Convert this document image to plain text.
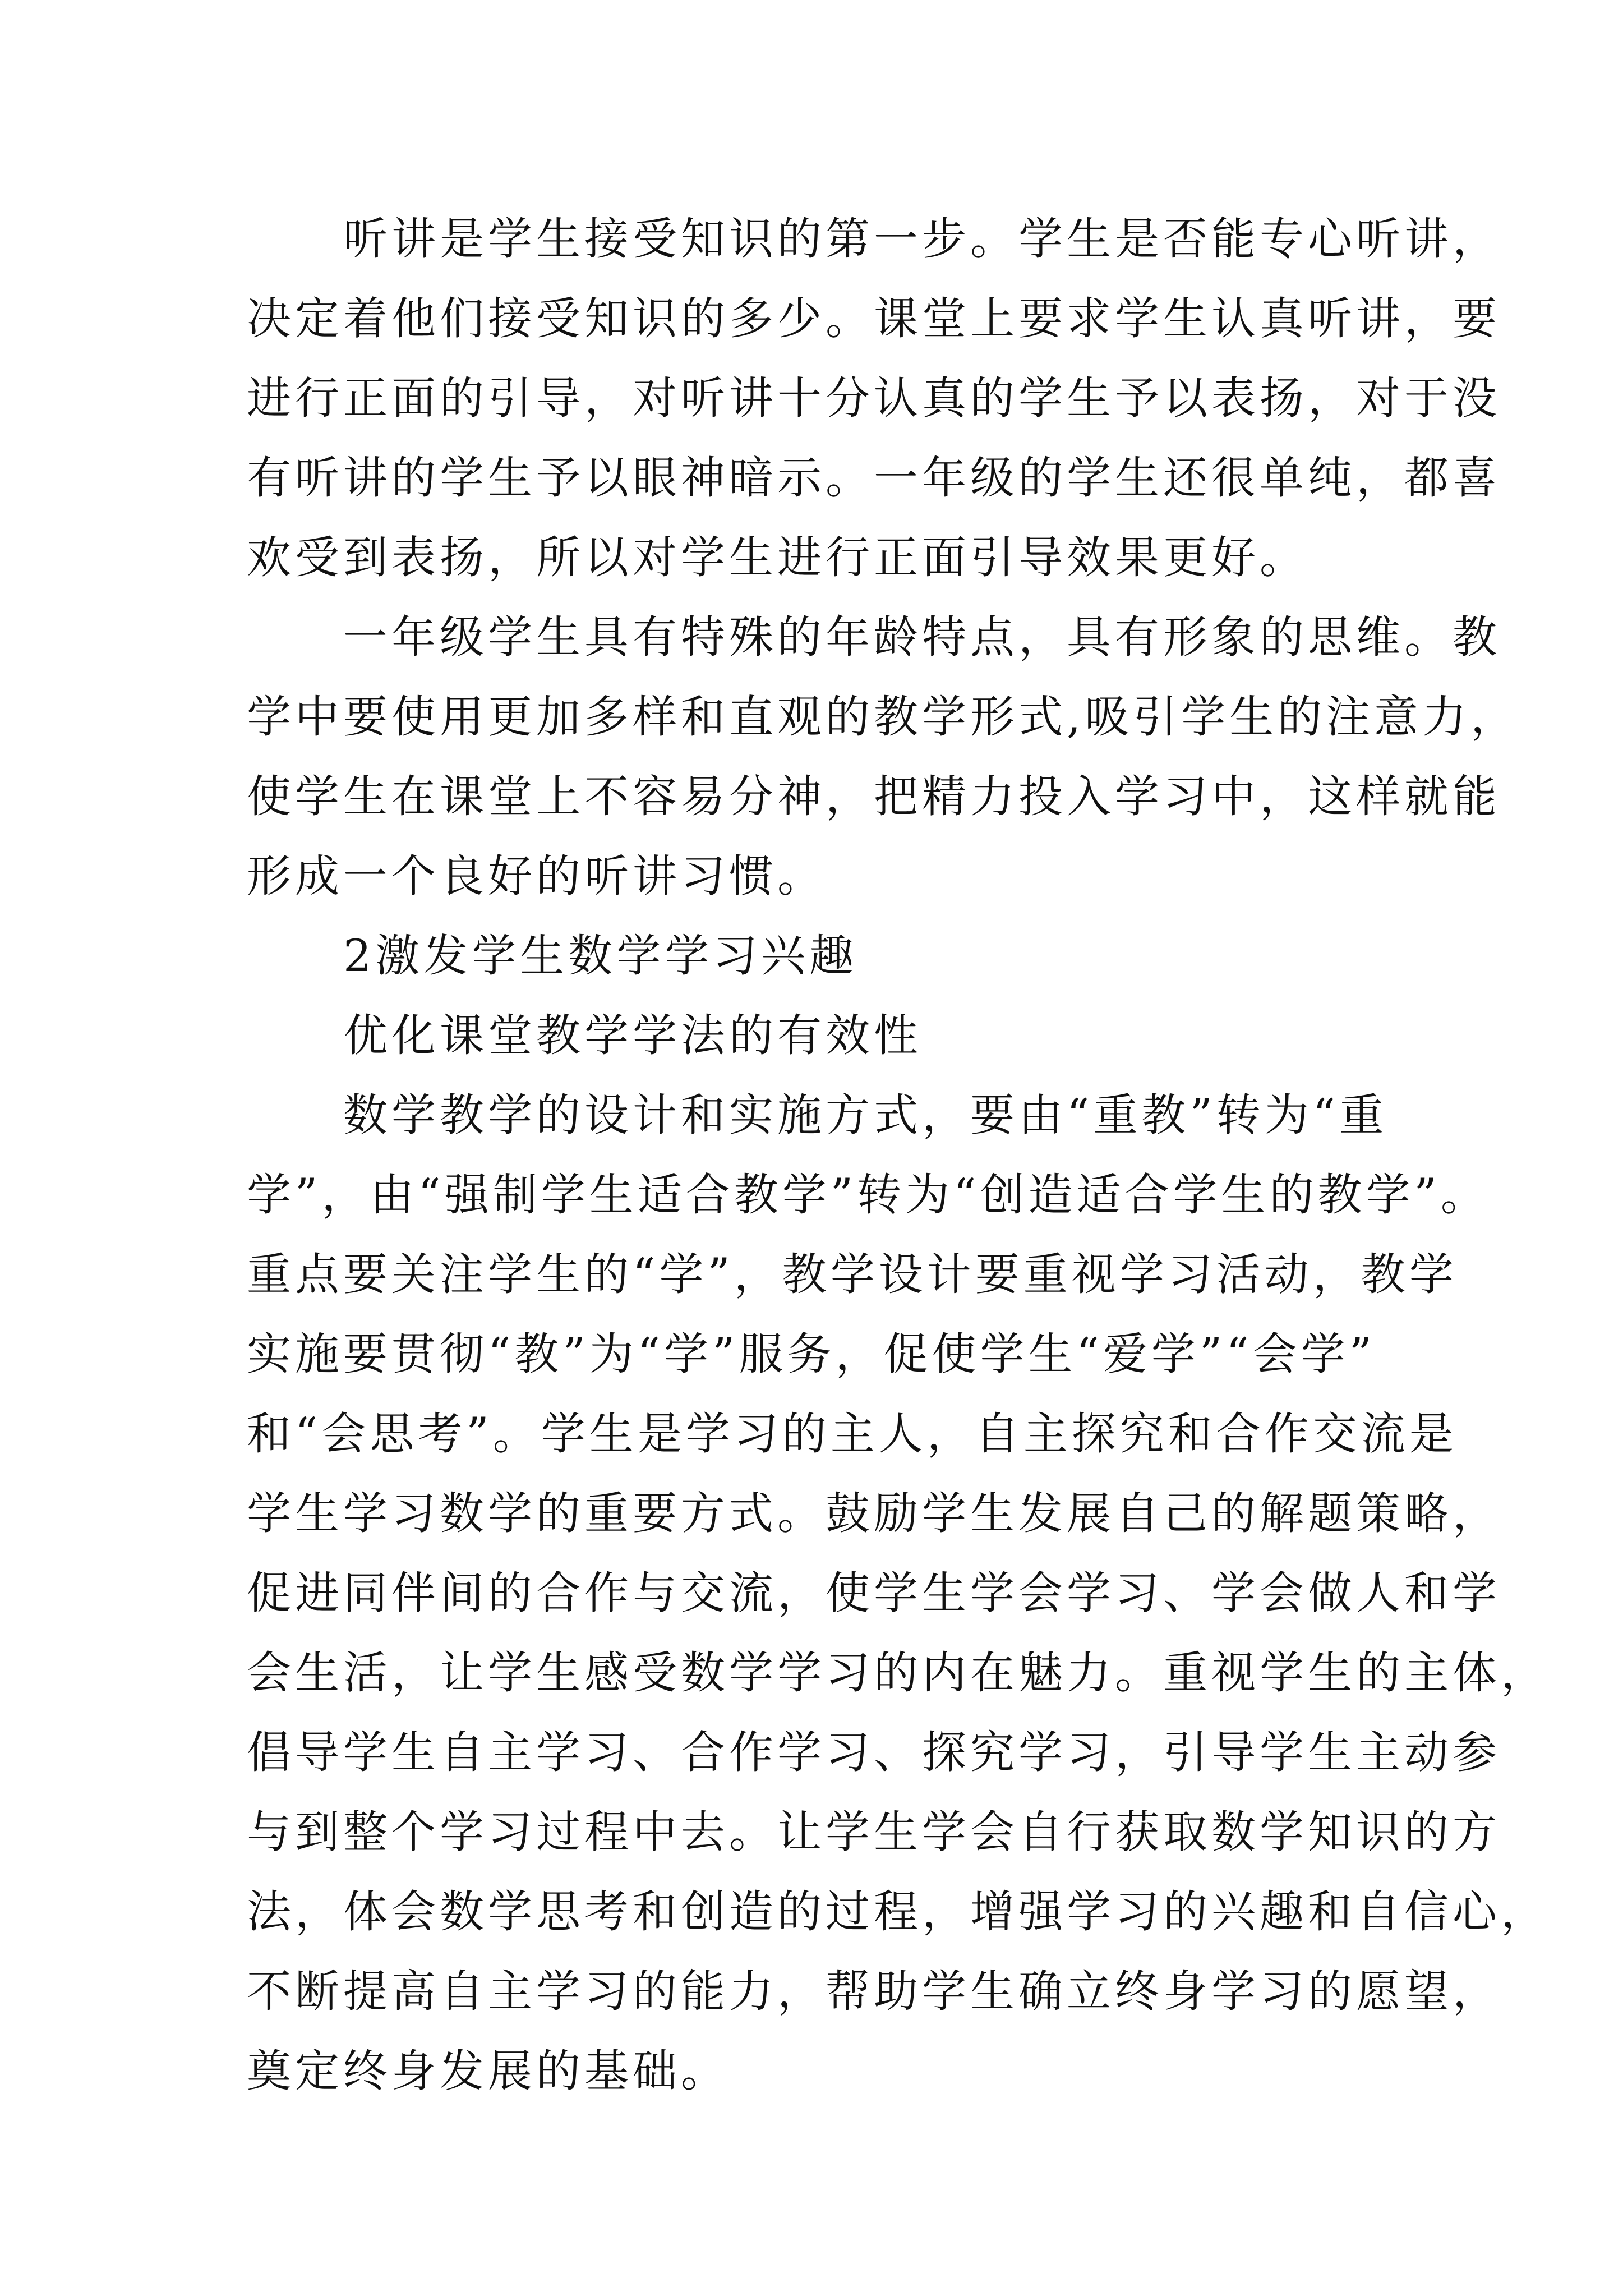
听讲是学生接受知识的第一步。学生是否能专心听讲，
决定着他们接受知识的多少。课堂上要求学生认真听讲，要
进行正面的引导，对听讲十分认真的学生予以表扬，对于没
有听讲的学生予以眼神暗示。一年级的学生还很单纯，都喜
欢受到表扬，所以对学生进行正面引导效果更好。
一年级学生具有特殊的年龄特点，具有形象的思维。教
学中要使用更加多样和直观的教学形式,吸引学生的注意力，
使学生在课堂上不容易分神，把精力投入学习中，这样就能
形成一个良好的听讲习惯。
2激发学生数学学习兴趣
优化课堂教学学法的有效性
数学教学的设计和实施方式，要由“重教”转为“重
学”，由“强制学生适合教学”转为“创造适合学生的教学”。
重点要关注学生的“学”，教学设计要重视学习活动，教学
实施要贯彻“教”为“学”服务，促使学生“爱学”“会学”
和“会思考”。学生是学习的主人，自主探究和合作交流是
学生学习数学的重要方式。鼓励学生发展自己的解题策略，
促进同伴间的合作与交流，使学生学会学习、学会做人和学
会生活，让学生感受数学学习的内在魅力。重视学生的主体，
倡导学生自主学习、合作学习、探究学习，引导学生主动参
与到整个学习过程中去。让学生学会自行获取数学知识的方
法，体会数学思考和创造的过程，增强学习的兴趣和自信心，
不断提高自主学习的能力，帮助学生确立终身学习的愿望，
奠定终身发展的基础。
